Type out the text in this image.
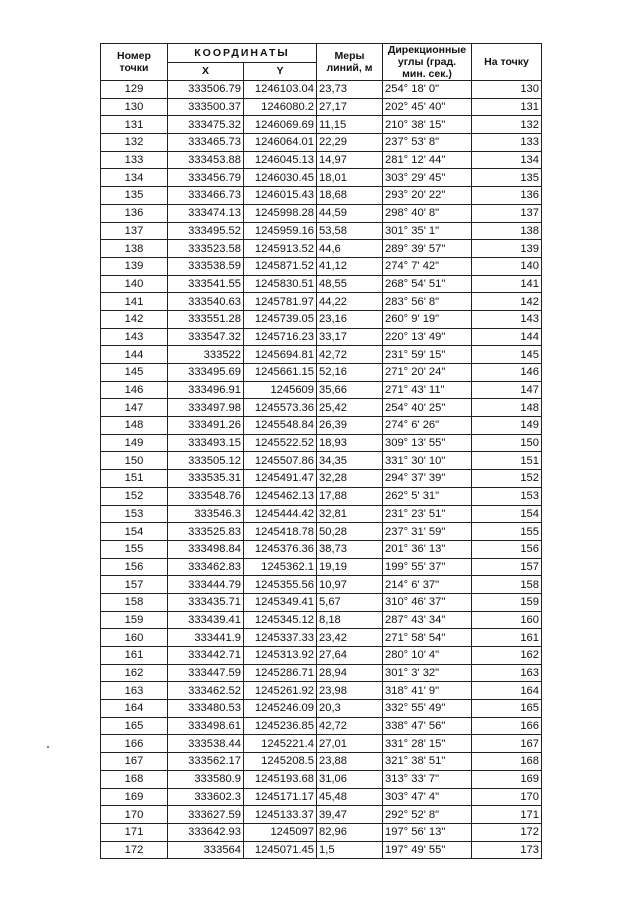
Номер точки	КООРДИНАТЫ		Меры линий, м	Дирекционные углы (град. мин. сек.)	На точку
	X	Y			
129	333506.79	1246103.04	23,73	254° 18' 0"	130
130	333500.37	1246080.2	27,17	202° 45' 40"	131
131	333475.32	1246069.69	11,15	210° 38' 15"	132
132	333465.73	1246064.01	22,29	237° 53' 8"	133
133	333453.88	1246045.13	14,97	281° 12' 44"	134
134	333456.79	1246030.45	18,01	303° 29' 45"	135
135	333466.73	1246015.43	18,68	293° 20' 22"	136
136	333474.13	1245998.28	44,59	298° 40' 8"	137
137	333495.52	1245959.16	53,58	301° 35' 1"	138
138	333523.58	1245913.52	44,6	289° 39' 57"	139
139	333538.59	1245871.52	41,12	274° 7' 42"	140
140	333541.55	1245830.51	48,55	268° 54' 51"	141
141	333540.63	1245781.97	44,22	283° 56' 8"	142
142	333551.28	1245739.05	23,16	260° 9' 19"	143
143	333547.32	1245716.23	33,17	220° 13' 49"	144
144	333522	1245694.81	42,72	231° 59' 15"	145
145	333495.69	1245661.15	52,16	271° 20' 24"	146
146	333496.91	1245609	35,66	271° 43' 11"	147
147	333497.98	1245573.36	25,42	254° 40' 25"	148
148	333491.26	1245548.84	26,39	274° 6' 26"	149
149	333493.15	1245522.52	18,93	309° 13' 55"	150
150	333505.12	1245507.86	34,35	331° 30' 10"	151
151	333535.31	1245491.47	32,28	294° 37' 39"	152
152	333548.76	1245462.13	17,88	262° 5' 31"	153
153	333546.3	1245444.42	32,81	231° 23' 51"	154
154	333525.83	1245418.78	50,28	237° 31' 59"	155
155	333498.84	1245376.36	38,73	201° 36' 13"	156
156	333462.83	1245362.1	19,19	199° 55' 37"	157
157	333444.79	1245355.56	10,97	214° 6' 37"	158
158	333435.71	1245349.41	5,67	310° 46' 37"	159
159	333439.41	1245345.12	8,18	287° 43' 34"	160
160	333441.9	1245337.33	23,42	271° 58' 54"	161
161	333442.71	1245313.92	27,64	280° 10' 4"	162
162	333447.59	1245286.71	28,94	301° 3' 32"	163
163	333462.52	1245261.92	23,98	318° 41' 9"	164
164	333480.53	1245246.09	20,3	332° 55' 49"	165
165	333498.61	1245236.85	42,72	338° 47' 56"	166
166	333538.44	1245221.4	27,01	331° 28' 15"	167
167	333562.17	1245208.5	23,88	321° 38' 51"	168
168	333580.9	1245193.68	31,06	313° 33' 7"	169
169	333602.3	1245171.17	45,48	303° 47' 4"	170
170	333627.59	1245133.37	39,47	292° 52' 8"	171
171	333642.93	1245097	82,96	197° 56' 13"	172
172	333564	1245071.45	1,5	197° 49' 55"	173
